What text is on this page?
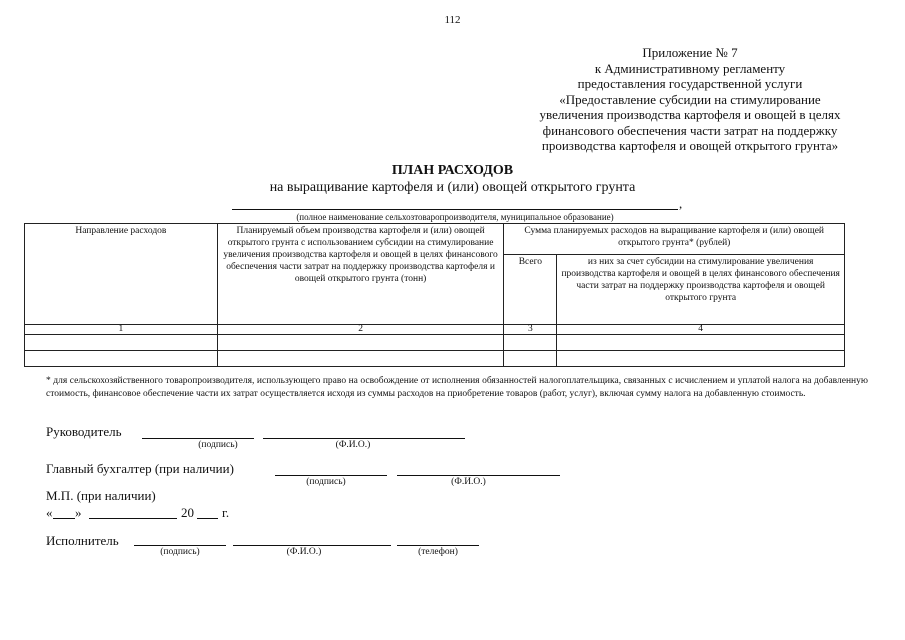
112
Приложение № 7
к Административному регламенту
предоставления государственной услуги
«Предоставление субсидии на стимулирование
увеличения производства картофеля и овощей в целях
финансового обеспечения части затрат на поддержку
производства картофеля и овощей открытого грунта»
ПЛАН РАСХОДОВ
на выращивание картофеля и (или) овощей открытого грунта
,
(полное наименование сельхозтоваропроизводителя, муниципальное образование)
Направление расходов	Планируемый объем производства картофеля и (или) овощей открытого грунта с использованием субсидии на стимулирование увеличения производства картофеля и овощей в целях финансового обеспечения части затрат на поддержку производства картофеля и овощей открытого грунта (тонн)	Сумма планируемых расходов на выращивание картофеля и (или) овощей открытого грунта* (рублей)	
		Всего	из них за счет субсидии на стимулирование увеличения производства картофеля и овощей в целях финансового обеспечения части затрат на поддержку производства картофеля и овощей открытого грунта
1	2	3	4

* для сельскохозяйственного товаропроизводителя, использующего право на освобождение от исполнения обязанностей налогоплательщика, связанных с исчислением и уплатой налога на добавленную стоимость, финансовое обеспечение части их затрат осуществляется исходя из суммы расходов на приобретение товаров (работ, услуг), включая сумму налога на добавленную стоимость.
Руководитель
(подпись)	(Ф.И.О.)
Главный бухгалтер (при наличии)
(подпись)	(Ф.И.О.)
М.П. (при наличии)
« »	20 г.
Исполнитель
(подпись)	(Ф.И.О.)	(телефон)
